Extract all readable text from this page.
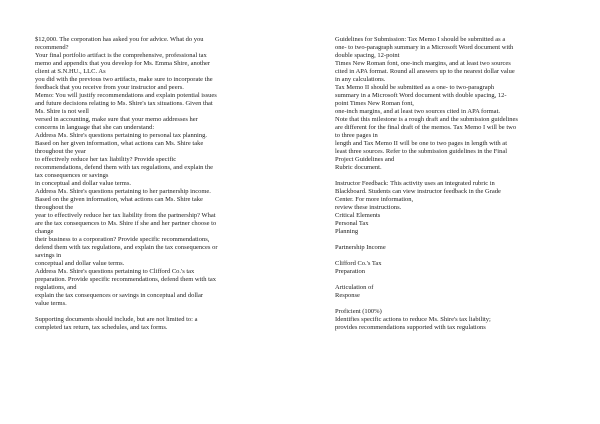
$12,000. The corporation has asked you for advice. What do you
recommend?
Your final portfolio artifact is the comprehensive, professional tax
memo and appendix that you develop for Ms. Emma Shire, another
client at S.N.HU., LLC. As
you did with the previous two artifacts, make sure to incorporate the
feedback that you receive from your instructor and peers.
Memo: You will justify recommendations and explain potential issues
and future decisions relating to Ms. Shire's tax situations. Given that
Ms. Shire is not well
versed in accounting, make sure that your memo addresses her
concerns in language that she can understand:
Address Ms. Shire's questions pertaining to personal tax planning.
Based on her given information, what actions can Ms. Shire take
throughout the year
to effectively reduce her tax liability? Provide specific
recommendations, defend them with tax regulations, and explain the
tax consequences or savings
in conceptual and dollar value terms.
Address Ms. Shire's questions pertaining to her partnership income.
Based on the given information, what actions can Ms. Shire take
throughout the
year to effectively reduce her tax liability from the partnership? What
are the tax consequences to Ms. Shire if she and her partner choose to
change
their business to a corporation? Provide specific recommendations,
defend them with tax regulations, and explain the tax consequences or
savings in
conceptual and dollar value terms.
Address Ms. Shire's questions pertaining to Clifford Co.'s tax
preparation. Provide specific recommendations, defend them with tax
regulations, and
explain the tax consequences or savings in conceptual and dollar
value terms.
Supporting documents should include, but are not limited to: a
completed tax return, tax schedules, and tax forms.
Guidelines for Submission: Tax Memo I should be submitted as a
one- to two-paragraph summary in a Microsoft Word document with
double spacing, 12-point
Times New Roman font, one-inch margins, and at least two sources
cited in APA format. Round all answers up to the nearest dollar value
in any calculations.
Tax Memo II should be submitted as a one- to two-paragraph
summary in a Microsoft Word document with double spacing, 12-
point Times New Roman font,
one-inch margins, and at least two sources cited in APA format.
Note that this milestone is a rough draft and the submission guidelines
are different for the final draft of the memos. Tax Memo I will be two
to three pages in
length and Tax Memo II will be one to two pages in length with at
least three sources. Refer to the submission guidelines in the Final
Project Guidelines and
Rubric document.
Instructor Feedback: This activity uses an integrated rubric in
Blackboard. Students can view instructor feedback in the Grade
Center. For more information,
review these instructions.
Critical Elements
Personal Tax
Planning
Partnership Income
Clifford Co.'s Tax
Preparation
Articulation of
Response
Proficient (100%)
Identifies specific actions to reduce Ms. Shire's tax liability;
provides recommendations supported with tax regulations
